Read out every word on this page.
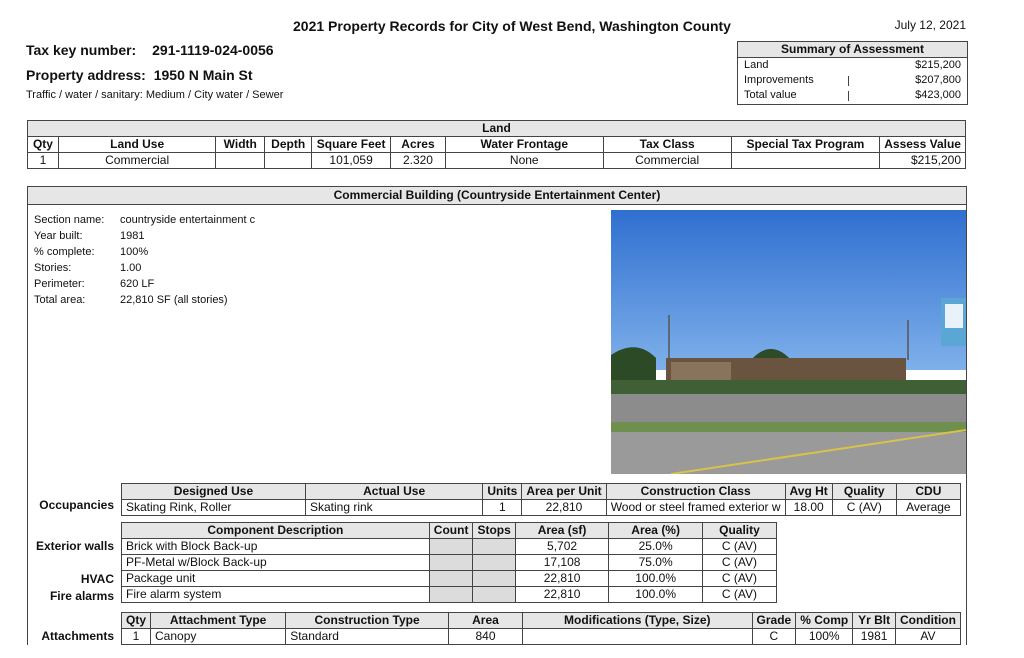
2021 Property Records for City of West Bend, Washington County	July 12, 2021
Tax key number: 291-1119-024-0056
Property address: 1950 N Main St
Traffic / water / sanitary: Medium / City water / Sewer
Summary of Assessment
Land	$215,200
Improvements	$207,800
Total value	$423,000
Land									
Qty	Land Use	Width	Depth	Square Feet	Acres	Water Frontage	Tax Class	Special Tax Program	Assess Value
1	Commercial			101,059	2.320	None	Commercial		$215,200
Commercial Building (Countryside Entertainment Center)
Section name: countryside entertainment c
Year built:	1981
% complete: 100%
Stories:	1.00
Perimeter:	620 LF
Total area:	22,810 SF (all stories)
Occupancies
Designed Use	Actual Use	Units	Area per Unit	Construction Class	Avg Ht	Quality	CDU
Skating Rink, Roller	Skating rink	1	22,810	Wood or steel framed exterior w	18.00	C (AV)	Average
Exterior walls
HVAC
Fire alarms
Component Description	Count	Stops	Area (sf)	Area (%)	Quality
Brick with Block Back-up			5,702	25.0%	C (AV)
PF-Metal w/Block Back-up			17,108	75.0%	C (AV)
Package unit			22,810	100.0%	C (AV)
Fire alarm system			22,810	100.0%	C (AV)
Attachments
Qty	Attachment Type	Construction Type	Area	Modifications (Type, Size)	Grade	% Comp	Yr Blt	Condition
1	Canopy	Standard	840		C	100%	1981	AV
